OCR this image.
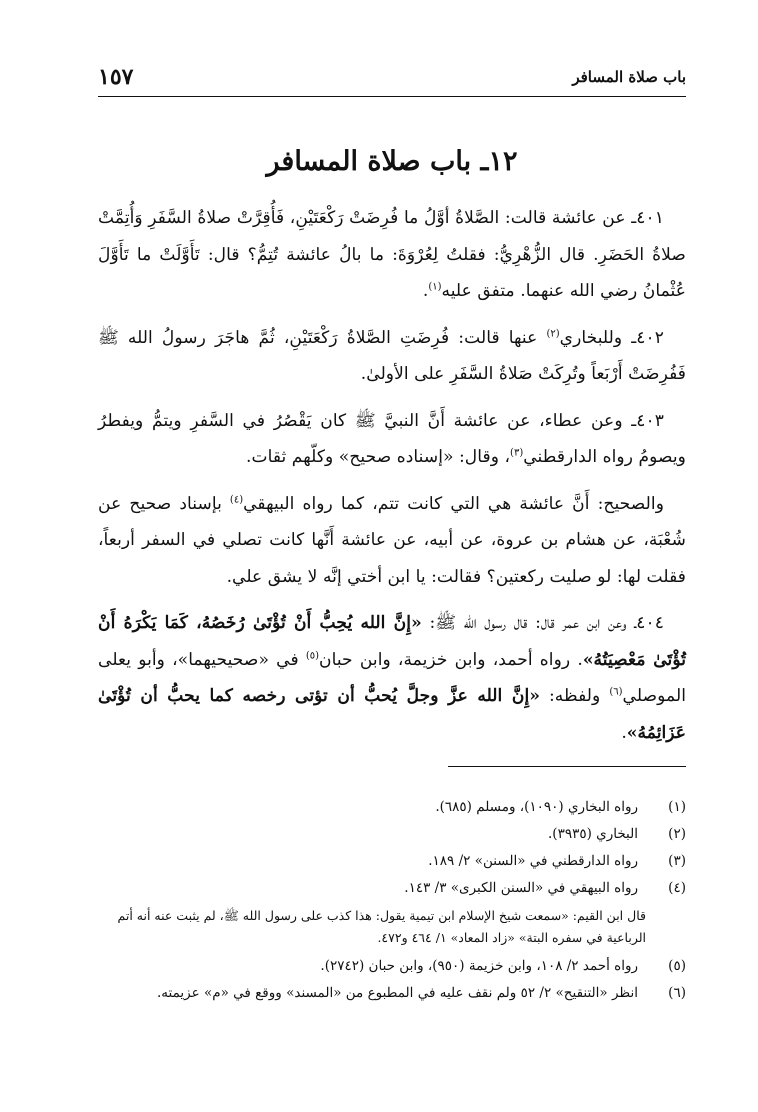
١٥٧	باب صلاة المسافر
١٢ـ باب صلاة المسافر

٤٠١ـ عن عائشة قالت: الصَّلاةُ أوَّلُ ما فُرِضَتْ رَكْعَتَيْنِ، فَأُقِرَّتْ صلاةُ السَّفَرِ وَأُتِمَّتْ صلاةُ الحَضَرِ. قال الزُّهْرِيُّ: فقلتُ لِعُرْوَةَ: ما بالُ عائشة تُتِمُّ؟ قال: تَأَوَّلَتْ ما تَأَوَّلَ عُثْمانُ رضي الله عنهما. متفق عليه$^{(١)}$.

٤٠٢ـ وللبخاري$^{(٢)}$ عنها قالت: فُرِضَتِ الصَّلاةُ رَكْعَتَيْنِ، ثُمَّ هاجَرَ رسولُ الله ﷺ فَفُرِضَتْ أَرْبَعاً وتُرِكَتْ صَلاةُ السَّفَرِ على الأولىٰ.

٤٠٣ـ وعن عطاء، عن عائشة أَنَّ النبيَّ ﷺ كان يَقْصُرُ في السَّفرِ ويتمُّ ويفطرُ ويصومُ رواه الدارقطني$^{(٣)}$، وقال: «إسناده صحيح» وكلّهم ثقات.

والصحيح: أَنَّ عائشة هي التي كانت تتم، كما رواه البيهقي$^{(٤)}$ بإسناد صحيح عن شُعْبَة، عن هشام بن عروة، عن أبيه، عن عائشة أَنَّها كانت تصلي في السفر أربعاً، فقلت لها: لو صليت ركعتين؟ فقالت: يا ابن أختي إنَّه لا يشق علي.

٤٠٤ـ وعن ابن عمر قال: قال رسول الله ﷺ: «إِنَّ الله يُحِبُّ أَنْ تُؤْتَىٰ رُخَصُهُ، كَمَا يَكْرَهُ أَنْ تُؤْتَىٰ مَعْصِيَتُهُ». رواه أحمد، وابن خزيمة، وابن حبان$^{(٥)}$ في «صحيحيهما»، وأبو يعلى الموصلي$^{(٦)}$ ولفظه: «إِنَّ الله عزَّ وجلَّ يُحبُّ أن تؤتى رخصه كما يحبُّ أن تُؤْتَىٰ عَزَائِمُهُ».

(١)
رواه البخاري (١٠٩٠)، ومسلم (٦٨٥).
(٢)
البخاري (٣٩٣٥).
(٣)
رواه الدارقطني في «السنن» ٢/ ١٨٩.
(٤)
رواه البيهقي في «السنن الكبرى» ٣/ ١٤٣.
قال ابن القيم: «سمعت شيخ الإسلام ابن تيمية يقول: هذا كذب على رسول الله ﷺ، لم يثبت عنه أنه أتم الرباعية في سفره البتة» «زاد المعاد» ١/ ٤٦٤ و٤٧٢.
(٥)
رواه أحمد ٢/ ١٠٨، وابن خزيمة (٩٥٠)، وابن حبان (٢٧٤٢).
(٦)
انظر «التنقيح» ٢/ ٥٢ ولم نقف عليه في المطبوع من «المسند» ووقع في «م» عزيمته.
